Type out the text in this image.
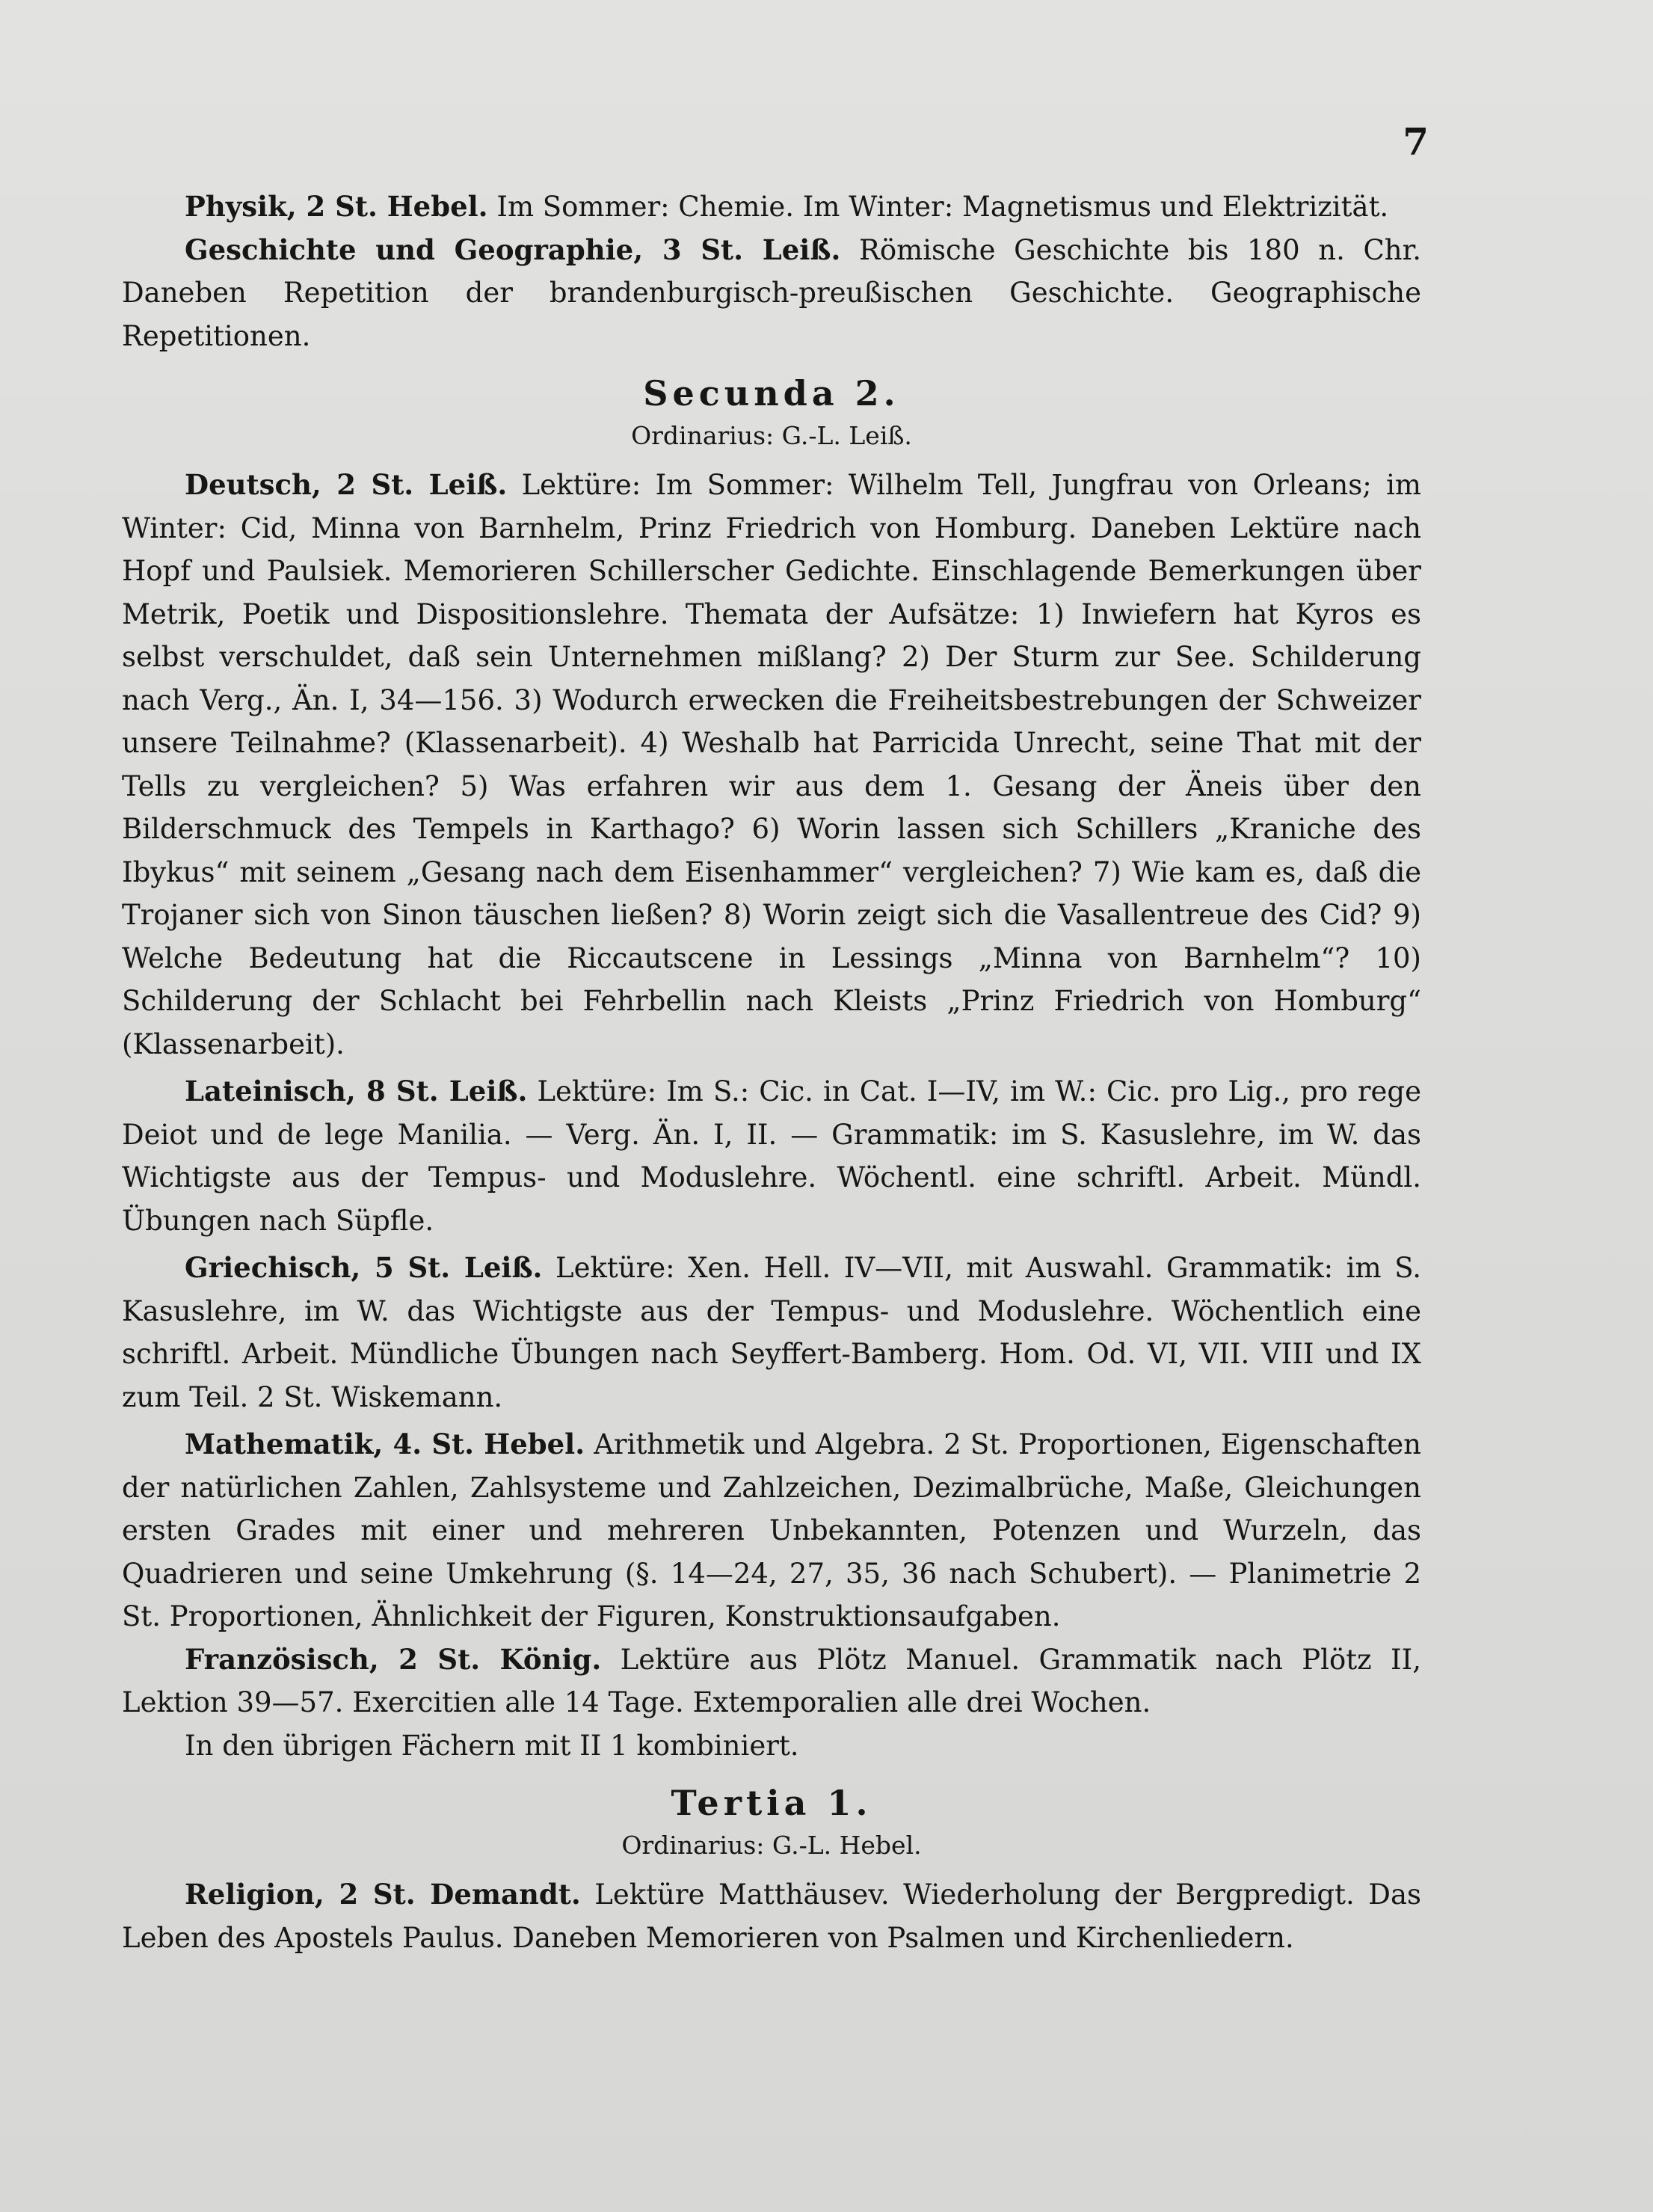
7

Physik, 2 St. Hebel. Im Sommer: Chemie. Im Winter: Magnetismus und Elektrizität.

Geschichte und Geographie, 3 St. Leiß. Römische Geschichte bis 180 n. Chr. Daneben Repetition der brandenburgisch-preußischen Geschichte. Geographische Repetitionen.

Secunda 2.
Ordinarius: G.-L. Leiß.

Deutsch, 2 St. Leiß. Lektüre: Im Sommer: Wilhelm Tell, Jungfrau von Orleans; im Winter: Cid, Minna von Barnhelm, Prinz Friedrich von Homburg. Daneben Lektüre nach Hopf und Paulsiek. Memorieren Schillerscher Gedichte. Einschlagende Bemerkungen über Metrik, Poetik und Dispositionslehre. Themata der Aufsätze: 1) Inwiefern hat Kyros es selbst verschuldet, daß sein Unternehmen mißlang? 2) Der Sturm zur See. Schilderung nach Verg., Än. I, 34—156. 3) Wodurch erwecken die Freiheitsbestrebungen der Schweizer unsere Teilnahme? (Klassenarbeit). 4) Weshalb hat Parricida Unrecht, seine That mit der Tells zu vergleichen? 5) Was erfahren wir aus dem 1. Gesang der Äneis über den Bilderschmuck des Tempels in Karthago? 6) Worin lassen sich Schillers „Kraniche des Ibykus“ mit seinem „Gesang nach dem Eisenhammer“ vergleichen? 7) Wie kam es, daß die Trojaner sich von Sinon täuschen ließen? 8) Worin zeigt sich die Vasallentreue des Cid? 9) Welche Bedeutung hat die Riccautscene in Lessings „Minna von Barnhelm“? 10) Schilderung der Schlacht bei Fehrbellin nach Kleists „Prinz Friedrich von Homburg“ (Klassenarbeit).

Lateinisch, 8 St. Leiß. Lektüre: Im S.: Cic. in Cat. I—IV, im W.: Cic. pro Lig., pro rege Deiot und de lege Manilia. — Verg. Än. I, II. — Grammatik: im S. Kasuslehre, im W. das Wichtigste aus der Tempus- und Moduslehre. Wöchentl. eine schriftl. Arbeit. Mündl. Übungen nach Süpfle.

Griechisch, 5 St. Leiß. Lektüre: Xen. Hell. IV—VII, mit Auswahl. Grammatik: im S. Kasuslehre, im W. das Wichtigste aus der Tempus- und Moduslehre. Wöchentlich eine schriftl. Arbeit. Mündliche Übungen nach Seyffert-Bamberg. Hom. Od. VI, VII. VIII und IX zum Teil. 2 St. Wiskemann.

Mathematik, 4. St. Hebel. Arithmetik und Algebra. 2 St. Proportionen, Eigenschaften der natürlichen Zahlen, Zahlsysteme und Zahlzeichen, Dezimalbrüche, Maße, Gleichungen ersten Grades mit einer und mehreren Unbekannten, Potenzen und Wurzeln, das Quadrieren und seine Umkehrung (§. 14—24, 27, 35, 36 nach Schubert). — Planimetrie 2 St. Proportionen, Ähnlichkeit der Figuren, Konstruktionsaufgaben.

Französisch, 2 St. König. Lektüre aus Plötz Manuel. Grammatik nach Plötz II, Lektion 39—57. Exercitien alle 14 Tage. Extemporalien alle drei Wochen.

In den übrigen Fächern mit II 1 kombiniert.

Tertia 1.
Ordinarius: G.-L. Hebel.

Religion, 2 St. Demandt. Lektüre Matthäusev. Wiederholung der Bergpredigt. Das Leben des Apostels Paulus. Daneben Memorieren von Psalmen und Kirchenliedern.
